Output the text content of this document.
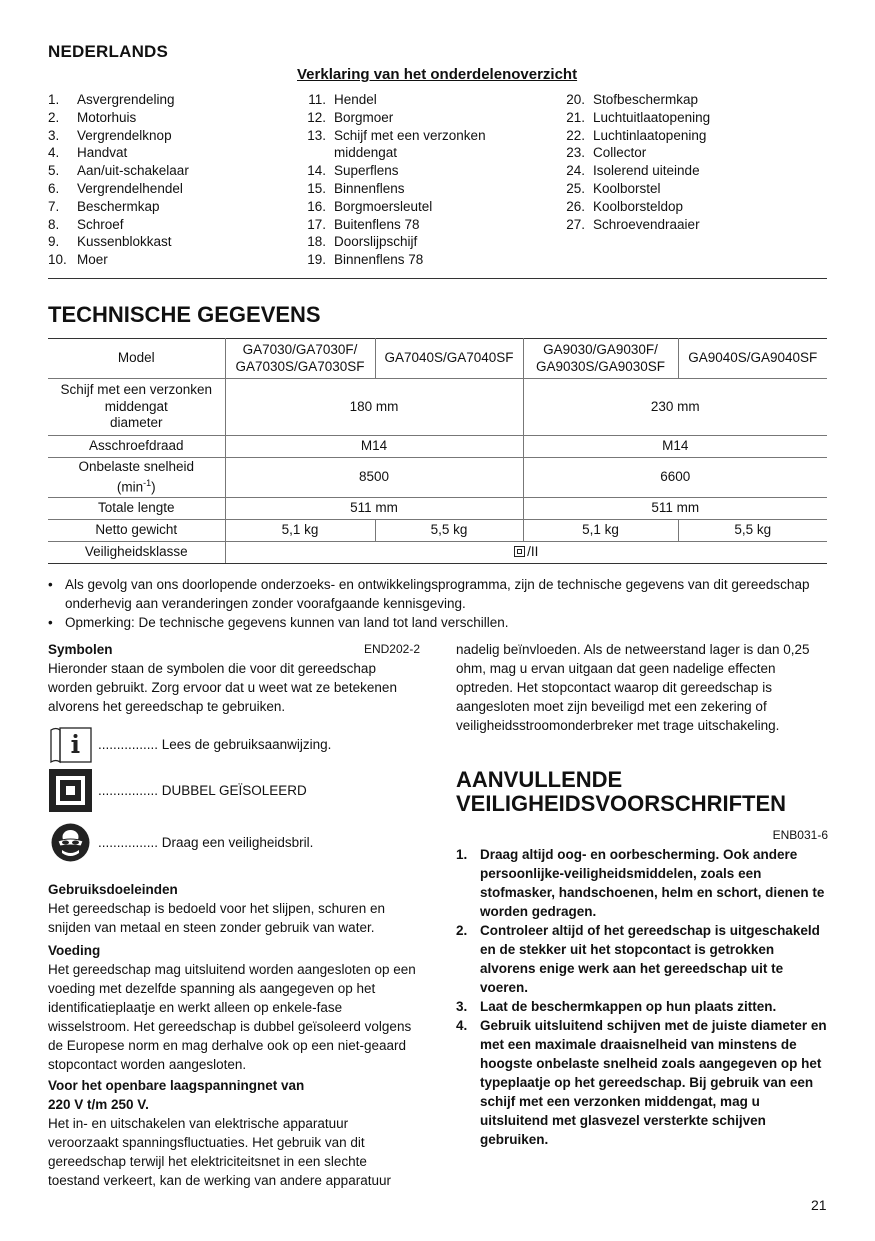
NEDERLANDS
Verklaring van het onderdelenoverzicht
1.	Asvergrendeling
2.	Motorhuis
3.	Vergrendelknop
4.	Handvat
5.	Aan/uit-schakelaar
6.	Vergrendelhendel
7.	Beschermkap
8.	Schroef
9.	Kussenblokkast
10. Moer
11. Hendel
12. Borgmoer
13. Schijf met een verzonken
middengat
14. Superflens
15. Binnenflens
16. Borgmoersleutel
17. Buitenflens 78
18. Doorslijpschijf
19. Binnenflens 78
20. Stofbeschermkap
21. Luchtuitlaatopening
22. Luchtinlaatopening
23. Collector
24. Isolerend uiteinde
25. Koolborstel
26. Koolborsteldop
27. Schroevendraaier
TECHNISCHE GEGEVENS
Model	GA7030/GA7030F/
GA7030S/GA7030SF	GA7040S/GA7040SF	GA9030/GA9030F/
GA9030S/GA9030SF	GA9040S/GA9040SF
Schijf met een verzonken
middengat
diameter	180 mm		230 mm	
Asschroefdraad	M14		M14	
Onbelaste snelheid
$(\min^{-1})$	8500		6600	
Totale lengte	511 mm		511 mm	
Netto gewicht	5,1 kg	5,5 kg	5,1 kg	5,5 kg
Veiligheidsklasse	/II			
• Als gevolg van ons doorlopende onderzoeks- en ontwikkelingsprogramma, zijn de technische gegevens van dit gereedschap onderhevig aan veranderingen zonder voorafgaande kennisgeving.
• Opmerking: De technische gegevens kunnen van land tot land verschillen.
Symbolen	END202-2
Hieronder staan de symbolen die voor dit gereedschap worden gebruikt. Zorg ervoor dat u weet wat ze betekenen alvorens het gereedschap te gebruiken.
................ Lees de gebruiksaanwijzing.
................ DUBBEL GEÏSOLEERD
................ Draag een veiligheidsbril.
Gebruiksdoeleinden
Het gereedschap is bedoeld voor het slijpen, schuren en snijden van metaal en steen zonder gebruik van water.
Voeding
Het gereedschap mag uitsluitend worden aangesloten op een voeding met dezelfde spanning als aangegeven op het identificatieplaatje en werkt alleen op enkele-fase wisselstroom. Het gereedschap is dubbel geïsoleerd volgens de Europese norm en mag derhalve ook op een niet-geaard stopcontact worden aangesloten.
Voor het openbare laagspanningnet van
220 V t/m 250 V.
Het in- en uitschakelen van elektrische apparatuur veroorzaakt spanningsfluctuaties. Het gebruik van dit gereedschap terwijl het elektriciteitsnet in een slechte toestand verkeert, kan de werking van andere apparatuur
nadelig beïnvloeden. Als de netweerstand lager is dan 0,25 ohm, mag u ervan uitgaan dat geen nadelige effecten optreden. Het stopcontact waarop dit gereedschap is aangesloten moet zijn beveiligd met een zekering of veiligheidsstroomonderbreker met trage uitschakeling.
AANVULLENDE
VEILIGHEIDSVOORSCHRIFTEN
ENB031-6
1. Draag altijd oog- en oorbescherming. Ook andere persoonlijke-veiligheidsmiddelen, zoals een stofmasker, handschoenen, helm en schort, dienen te worden gedragen.
2. Controleer altijd of het gereedschap is uitgeschakeld en de stekker uit het stopcontact is getrokken alvorens enige werk aan het gereedschap uit te voeren.
3. Laat de beschermkappen op hun plaats zitten.
4. Gebruik uitsluitend schijven met de juiste diameter en met een maximale draaisnelheid van minstens de hoogste onbelaste snelheid zoals aangegeven op het typeplaatje op het gereedschap. Bij gebruik van een schijf met een verzonken middengat, mag u uitsluitend met glasvezel versterkte schijven gebruiken.
21
